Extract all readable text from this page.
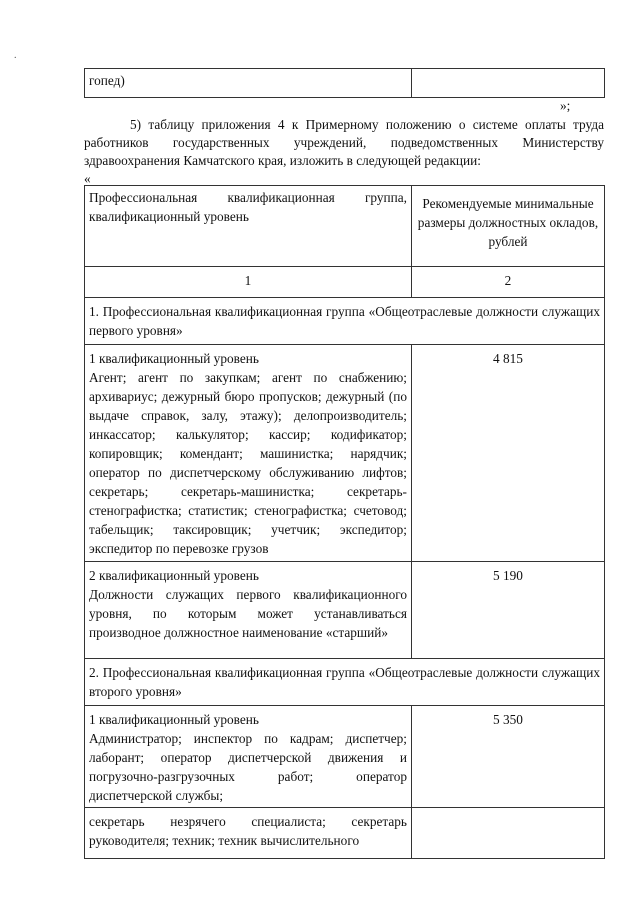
.
гопед)	
»;
5) таблицу приложения 4 к Примерному положению о системе оплаты труда работников государственных учреждений, подведомственных Министерству здравоохранения Камчатского края, изложить в следующей редакции:
«
Профессиональная квалификационная группа, квалификационный уровень	Рекомендуемые минимальные размеры должностных окладов, рублей
1	2
1. Профессиональная квалификационная группа «Общеотраслевые должности служащих первого уровня»	

1 квалификационный уровень
Агент; агент по закупкам; агент по снабжению; архивариус; дежурный бюро пропусков; дежурный (по выдаче справок, залу, этажу); делопроизводитель; инкассатор; калькулятор; кассир; кодификатор; копировщик; комендант; машинистка; нарядчик; оператор по диспетчерскому обслуживанию лифтов; секретарь; секретарь-машинистка; секретарь-стенографистка; статистик; стенографистка; счетовод; табельщик; таксировщик; учетчик; экспедитор; экспедитор по перевозке грузов	4 815

2 квалификационный уровень
Должности служащих первого квалификационного уровня, по которым может устанавливаться производное должностное наименование «старший»	5 190
2. Профессиональная квалификационная группа «Общеотраслевые должности служащих второго уровня»	

1 квалификационный уровень
Администратор; инспектор по кадрам; диспетчер; лаборант; оператор диспетчерской движения и погрузочно-разгрузочных работ; оператор диспетчерской службы;	5 350
секретарь незрячего специалиста; секретарь руководителя; техник; техник вычислительного	
